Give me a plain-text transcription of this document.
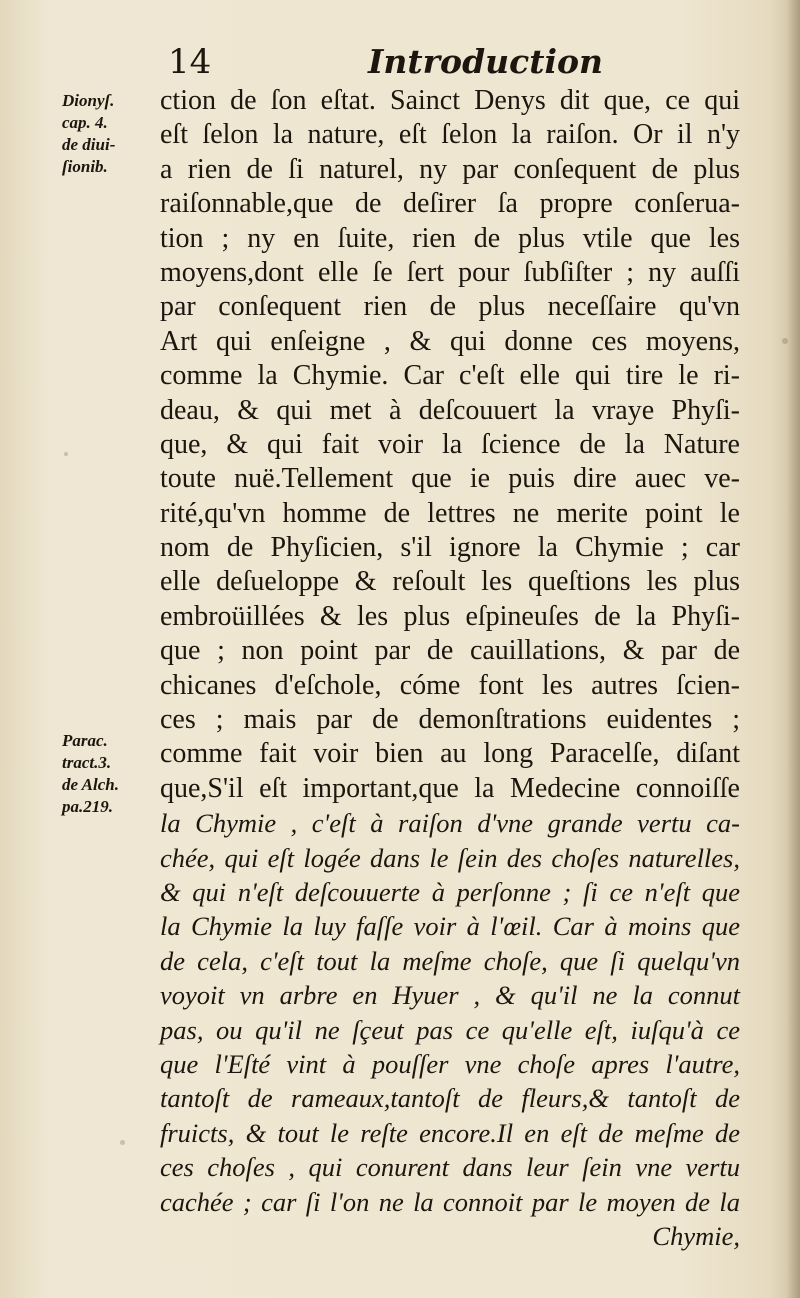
14	Introduction
Dionyſ.
cap. 4.
de diui-
ſionib.
Parac.
tract.3.
de Alch.
pa.219.
ction de ſon eſtat. Sainct Denys dit que, ce qui
eſt ſelon la nature, eſt ſelon la raiſon. Or il n'y
a rien de ſi naturel, ny par conſequent de plus
raiſonnable,que de deſirer ſa propre conſerua-
tion ; ny en ſuite, rien de plus vtile que les
moyens,dont elle ſe ſert pour ſubſiſter ; ny auſſi
par conſequent rien de plus neceſſaire qu'vn
Art qui enſeigne , & qui donne ces moyens,
comme la Chymie. Car c'eſt elle qui tire le ri-
deau, & qui met à deſcouuert la vraye Phyſi-
que, & qui fait voir la ſcience de la Nature
toute nuë.Tellement que ie puis dire auec ve-
rité,qu'vn homme de lettres ne merite point le
nom de Phyſicien, s'il ignore la Chymie ; car
elle deſueloppe & reſoult les queſtions les plus
embroüillées & les plus eſpineuſes de la Phyſi-
que ; non point par de cauillations, & par de
chicanes d'eſchole, cóme font les autres ſcien-
ces ; mais par de demonſtrations euidentes ;
comme fait voir bien au long Paracelſe, diſant
que,S'il eſt important,que la Medecine connoiſſe
la Chymie , c'eſt à raiſon d'vne grande vertu ca-
chée, qui eſt logée dans le ſein des choſes naturelles,
& qui n'eſt deſcouuerte à perſonne ; ſi ce n'eſt que
la Chymie la luy faſſe voir à l'œil. Car à moins que
de cela, c'eſt tout la meſme choſe, que ſi quelqu'vn
voyoit vn arbre en Hyuer , & qu'il ne la connut
pas, ou qu'il ne ſçeut pas ce qu'elle eſt, iuſqu'à ce
que l'Eſté vint à pouſſer vne choſe apres l'autre,
tantoſt de rameaux,tantoſt de fleurs,& tantoſt de
fruicts, & tout le reſte encore.Il en eſt de meſme de
ces choſes , qui conurent dans leur ſein vne vertu
cachée ; car ſi l'on ne la connoit par le moyen de la
Chymie,
